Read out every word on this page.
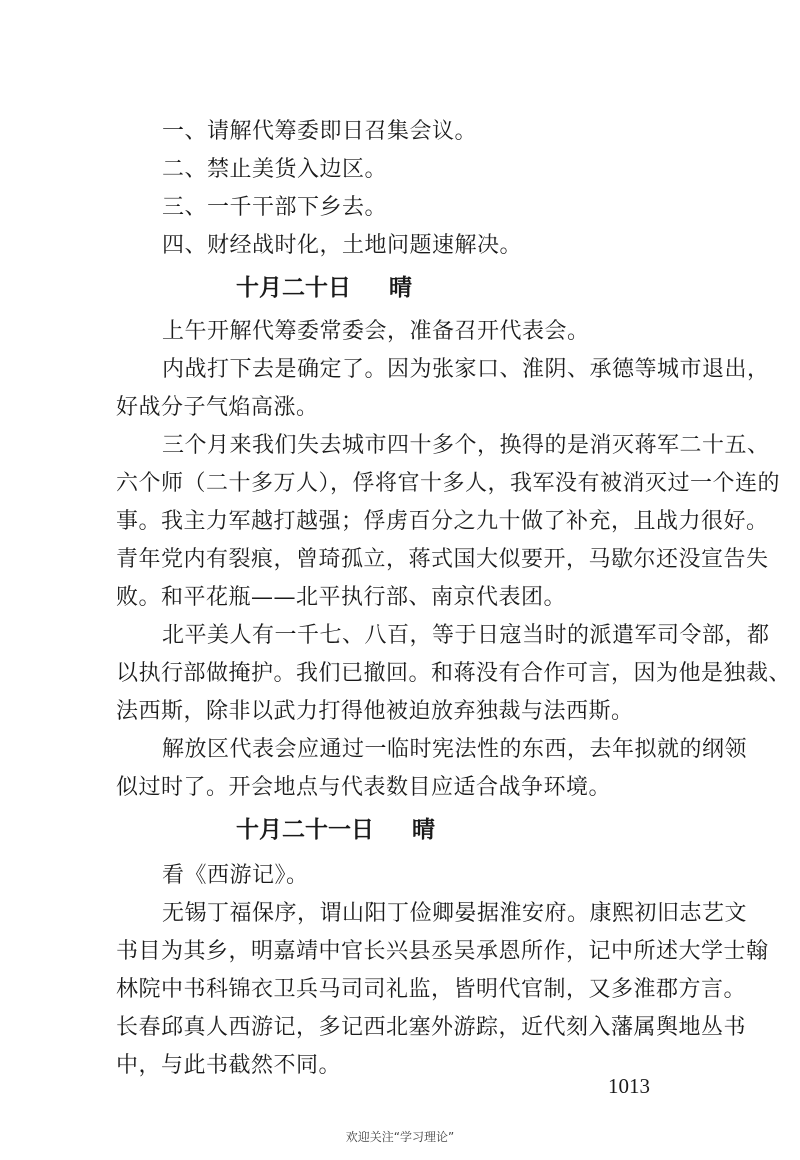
一、请解代筹委即日召集会议。
二、禁止美货入边区。
三、一千干部下乡去。
四、财经战时化，土地问题速解决。
十月二十日 晴
上午开解代筹委常委会，准备召开代表会。
内战打下去是确定了。因为张家口、淮阴、承德等城市退出，
好战分子气焰高涨。
三个月来我们失去城市四十多个，换得的是消灭蒋军二十五、
六个师（二十多万人），俘将官十多人，我军没有被消灭过一个连的
事。我主力军越打越强；俘虏百分之九十做了补充，且战力很好。
青年党内有裂痕，曾琦孤立，蒋式国大似要开，马歇尔还没宣告失
败。和平花瓶——北平执行部、南京代表团。
北平美人有一千七、八百，等于日寇当时的派遣军司令部，都
以执行部做掩护。我们已撤回。和蒋没有合作可言，因为他是独裁、
法西斯，除非以武力打得他被迫放弃独裁与法西斯。
解放区代表会应通过一临时宪法性的东西，去年拟就的纲领
似过时了。开会地点与代表数目应适合战争环境。
十月二十一日 晴
看《西游记》。
无锡丁福保序，谓山阳丁俭卿晏据淮安府。康熙初旧志艺文
书目为其乡，明嘉靖中官长兴县丞吴承恩所作，记中所述大学士翰
林院中书科锦衣卫兵马司司礼监，皆明代官制，又多淮郡方言。
长春邱真人西游记，多记西北塞外游踪，近代刻入藩属舆地丛书
中，与此书截然不同。
1013
欢迎关注“学习理论”
